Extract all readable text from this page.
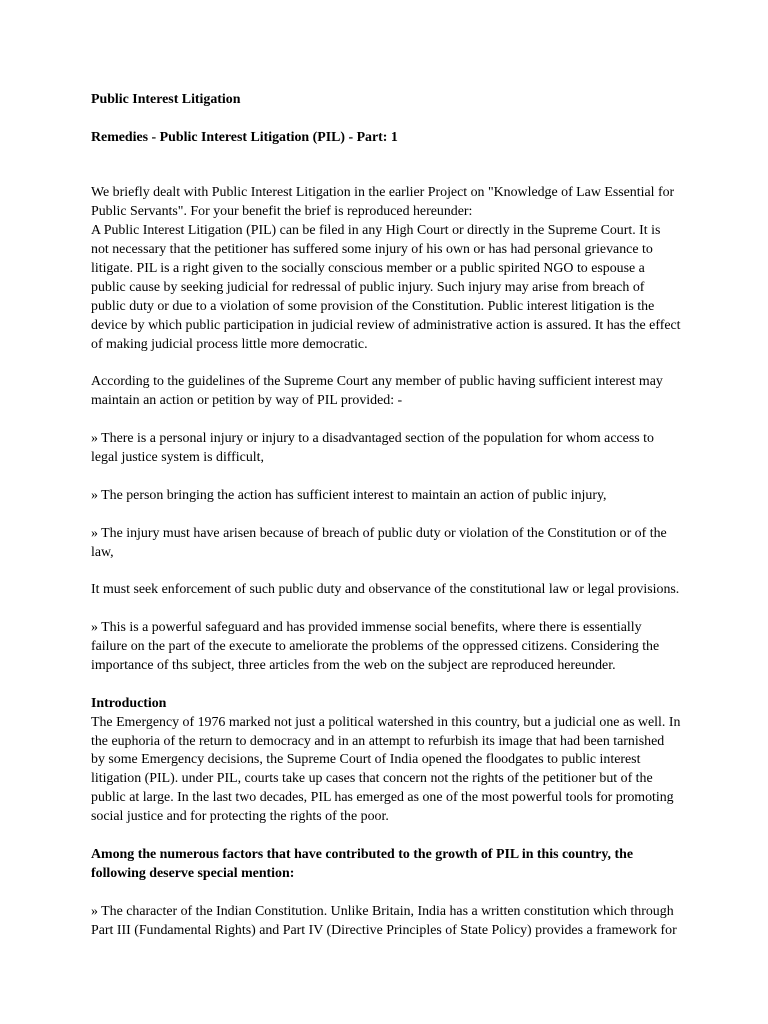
Public Interest Litigation

Remedies - Public Interest Litigation (PIL) - Part: 1

We briefly dealt with Public Interest Litigation in the earlier Project on "Knowledge of Law Essential for Public Servants". For your benefit the brief is reproduced hereunder:

A Public Interest Litigation (PIL) can be filed in any High Court or directly in the Supreme Court. It is not necessary that the petitioner has suffered some injury of his own or has had personal grievance to litigate. PIL is a right given to the socially conscious member or a public spirited NGO to espouse a public cause by seeking judicial for redressal of public injury. Such injury may arise from breach of public duty or due to a violation of some provision of the Constitution. Public interest litigation is the device by which public participation in judicial review of administrative action is assured. It has the effect of making judicial process little more democratic.

According to the guidelines of the Supreme Court any member of public having sufficient interest may maintain an action or petition by way of PIL provided: -

» There is a personal injury or injury to a disadvantaged section of the population for whom access to legal justice system is difficult,

» The person bringing the action has sufficient interest to maintain an action of public injury,

» The injury must have arisen because of breach of public duty or violation of the Constitution or of the law,

It must seek enforcement of such public duty and observance of the constitutional law or legal provisions.

» This is a powerful safeguard and has provided immense social benefits, where there is essentially failure on the part of the execute to ameliorate the problems of the oppressed citizens. Considering the importance of ths subject, three articles from the web on the subject are reproduced hereunder.

Introduction

The Emergency of 1976 marked not just a political watershed in this country, but a judicial one as well. In the euphoria of the return to democracy and in an attempt to refurbish its image that had been tarnished by some Emergency decisions, the Supreme Court of India opened the floodgates to public interest litigation (PIL). under PIL, courts take up cases that concern not the rights of the petitioner but of the public at large. In the last two decades, PIL has emerged as one of the most powerful tools for promoting social justice and for protecting the rights of the poor.

Among the numerous factors that have contributed to the growth of PIL in this country, the following deserve special mention:

» The character of the Indian Constitution. Unlike Britain, India has a written constitution which through Part III (Fundamental Rights) and Part IV (Directive Principles of State Policy) provides a framework for
